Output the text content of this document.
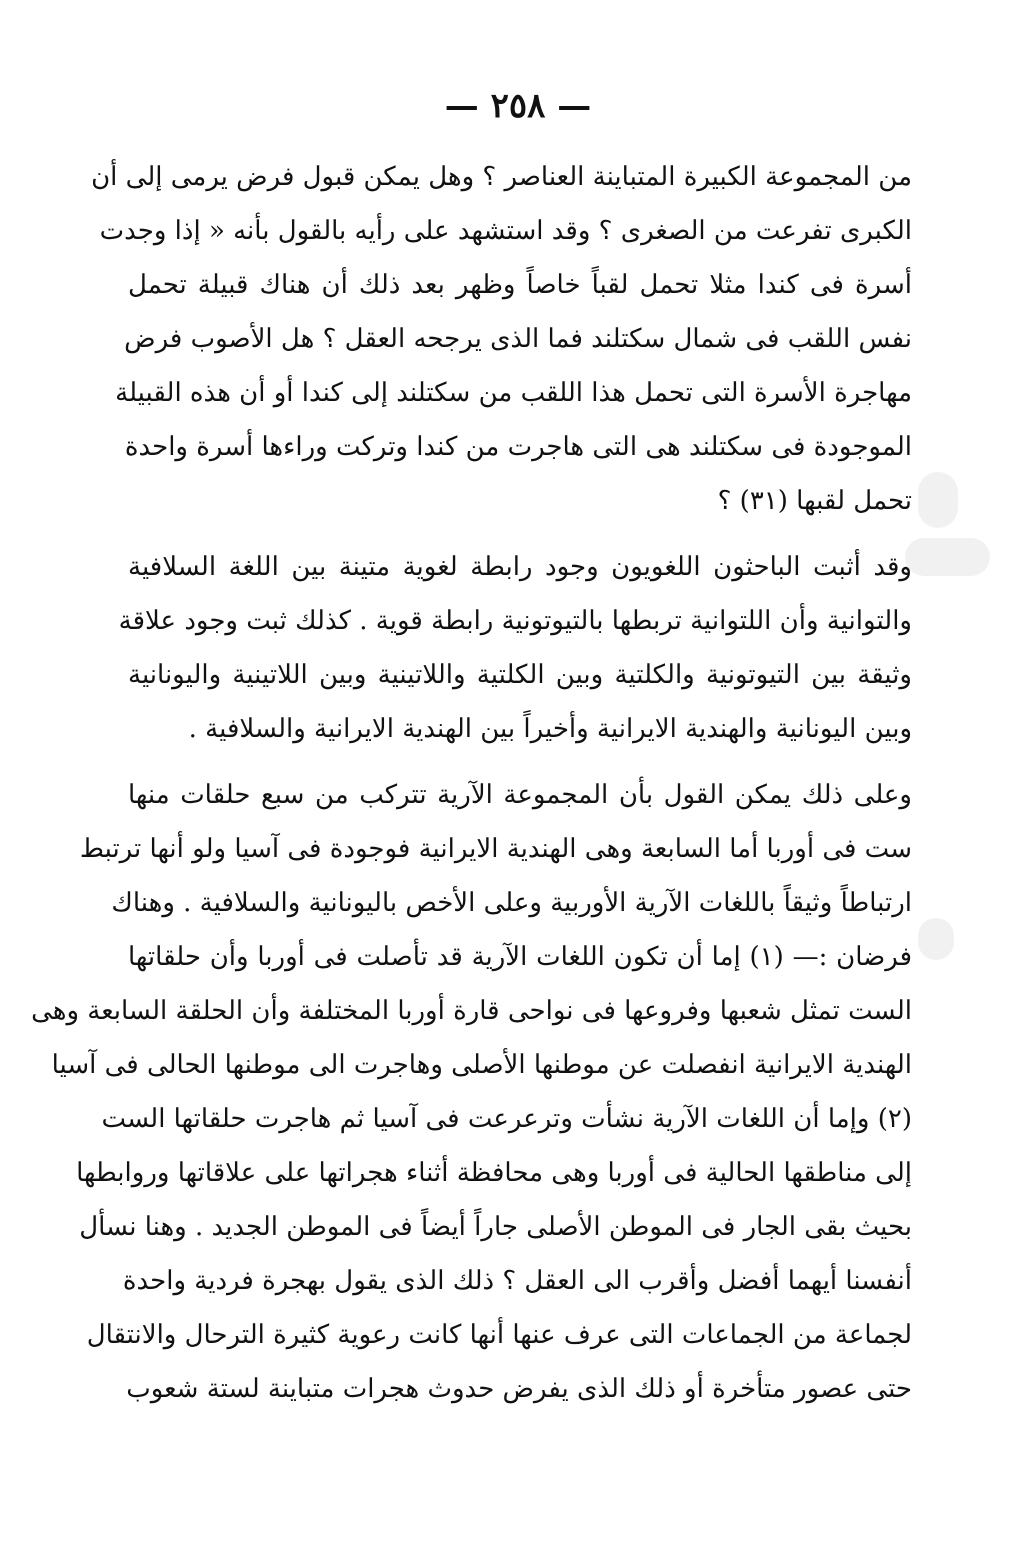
— ٢٥٨ —
من المجموعة الكبيرة المتباينة العناصر ؟ وهل يمكن قبول فرض يرمى إلى أن
الكبرى تفرعت من الصغرى ؟ وقد استشهد على رأيه بالقول بأنه « إذا وجدت
أسرة فى كندا مثلا تحمل لقباً خاصاً وظهر بعد ذلك أن هناك قبيلة تحمل
نفس اللقب فى شمال سكتلند فما الذى يرجحه العقل ؟ هل الأصوب فرض
مهاجرة الأسرة التى تحمل هذا اللقب من سكتلند إلى كندا أو أن هذه القبيلة
الموجودة فى سكتلند هى التى هاجرت من كندا وتركت وراءها أسرة واحدة
تحمل لقبها (٣١) ؟
وقد أثبت الباحثون اللغويون وجود رابطة لغوية متينة بين اللغة السلافية
والتوانية وأن اللتوانية تربطها بالتيوتونية رابطة قوية . كذلك ثبت وجود علاقة
وثيقة بين التيوتونية والكلتية وبين الكلتية واللاتينية وبين اللاتينية واليونانية
وبين اليونانية والهندية الايرانية وأخيراً بين الهندية الايرانية والسلافية .
وعلى ذلك يمكن القول بأن المجموعة الآرية تتركب من سبع حلقات منها
ست فى أوربا أما السابعة وهى الهندية الايرانية فوجودة فى آسيا ولو أنها ترتبط
ارتباطاً وثيقاً باللغات الآرية الأوربية وعلى الأخص باليونانية والسلافية . وهناك
فرضان :— (١) إما أن تكون اللغات الآرية قد تأصلت فى أوربا وأن حلقاتها
الست تمثل شعبها وفروعها فى نواحى قارة أوربا المختلفة وأن الحلقة السابعة وهى
الهندية الايرانية انفصلت عن موطنها الأصلى وهاجرت الى موطنها الحالى فى آسيا
(٢) وإما أن اللغات الآرية نشأت وترعرعت فى آسيا ثم هاجرت حلقاتها الست
إلى مناطقها الحالية فى أوربا وهى محافظة أثناء هجراتها على علاقاتها وروابطها
بحيث بقى الجار فى الموطن الأصلى جاراً أيضاً فى الموطن الجديد . وهنا نسأل
أنفسنا أيهما أفضل وأقرب الى العقل ؟ ذلك الذى يقول بهجرة فردية واحدة
لجماعة من الجماعات التى عرف عنها أنها كانت رعوية كثيرة الترحال والانتقال
حتى عصور متأخرة أو ذلك الذى يفرض حدوث هجرات متباينة لستة شعوب
